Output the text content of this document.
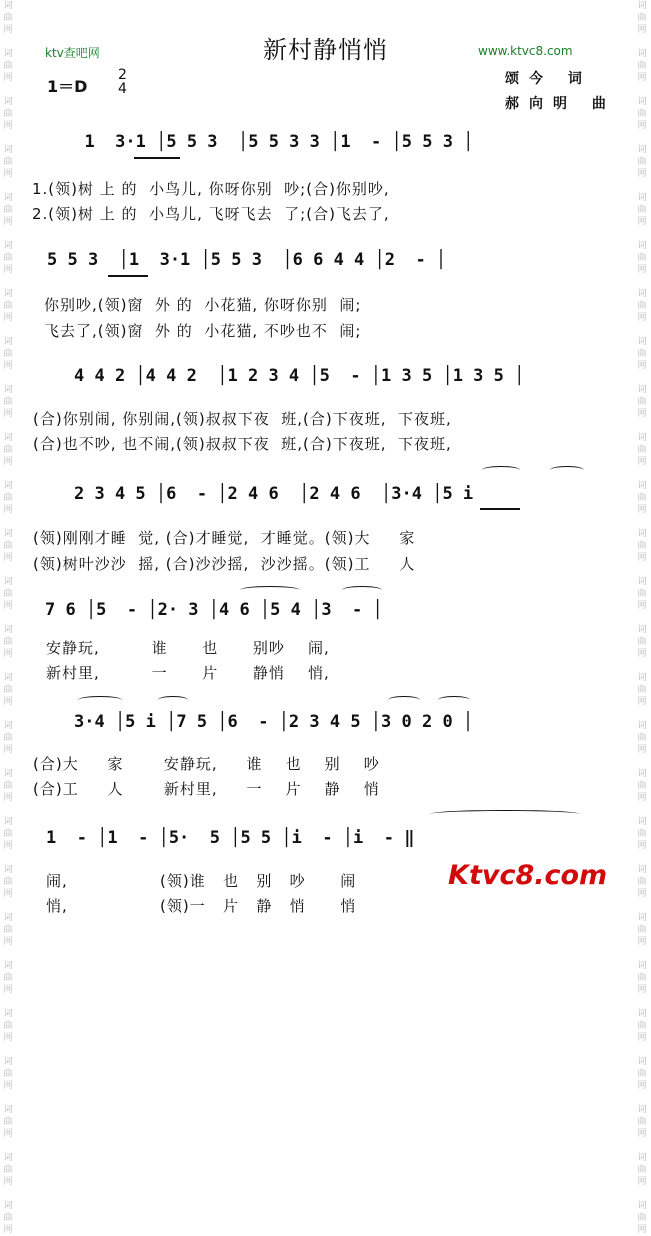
词
曲
网

词
曲
网

词
曲
网

词
曲
网

词
曲
网

词
曲
网

词
曲
网

词
曲
网

词
曲
网

词
曲
网

词
曲
网

词
曲
网

词
曲
网

词
曲
网

词
曲
网

词
曲
网

词
曲
网

词
曲
网

词
曲
网

词
曲
网

词
曲
网

词
曲
网

词
曲
网

词
曲
网

词
曲
网

词
曲
网

词
曲
网

词
曲
网

词
曲
网

词
曲
网

词
曲
网

词
曲
网

词
曲
网

词
曲
网

词
曲
网

词
曲
网

词
曲
网

词
曲
网

词
曲
网

词
曲
网

词
曲
网

词
曲
网

词
曲
网

词
曲
网

词
曲
网

词
曲
网

词
曲
网

词
曲
网

词
曲
网

词
曲
网

词
曲
网

词
曲
网

ktv查吧网	新村静悄悄	www.ktvc8.com
1＝D
2
4
颂今 词
郝向明 曲
1  3·1 │5 5 3  │5 5 3 3 │1  - │5 5 3 │
1.(领)树 上 的  小鸟儿, 你呀你别  吵;(合)你别吵,
2.(领)树 上 的  小鸟儿, 飞呀飞去  了;(合)飞去了,
5 5 3  │1  3·1 │5 5 3  │6 6 4 4 │2  - │
你别吵,(领)窗  外 的  小花猫, 你呀你别  闹;
飞去了,(领)窗  外 的  小花猫, 不吵也不  闹;
4 4 2 │4 4 2  │1 2 3 4 │5  - │1 3 5 │1 3 5 │
(合)你别闹, 你别闹,(领)叔叔下夜  班,(合)下夜班,  下夜班,
(合)也不吵, 也不闹,(领)叔叔下夜  班,(合)下夜班,  下夜班,
2 3 4 5 │6  - │2 4 6  │2 4 6  │3·4 │5 i
(领)刚刚才睡  觉, (合)才睡觉,  才睡觉。(领)大     家
(领)树叶沙沙  摇, (合)沙沙摇,  沙沙摇。(领)工     人
7 6 │5  - │2· 3 │4 6 │5 4 │3  - │
安静玩,         谁      也      别吵    闹,
新村里,         一      片      静悄    悄,
3·4 │5 i │7 5 │6  - │2 3 4 5 │3 0 2 0 │
(合)大     家       安静玩,     谁    也    别    吵
(合)工     人       新村里,     一    片    静    悄
1  - │1  - │5·  5 │5 5 │i  - │i  - ‖
闹,                (领)谁   也   别   吵      闹
悄,                (领)一   片   静   悄      悄
Ktvc8.com
